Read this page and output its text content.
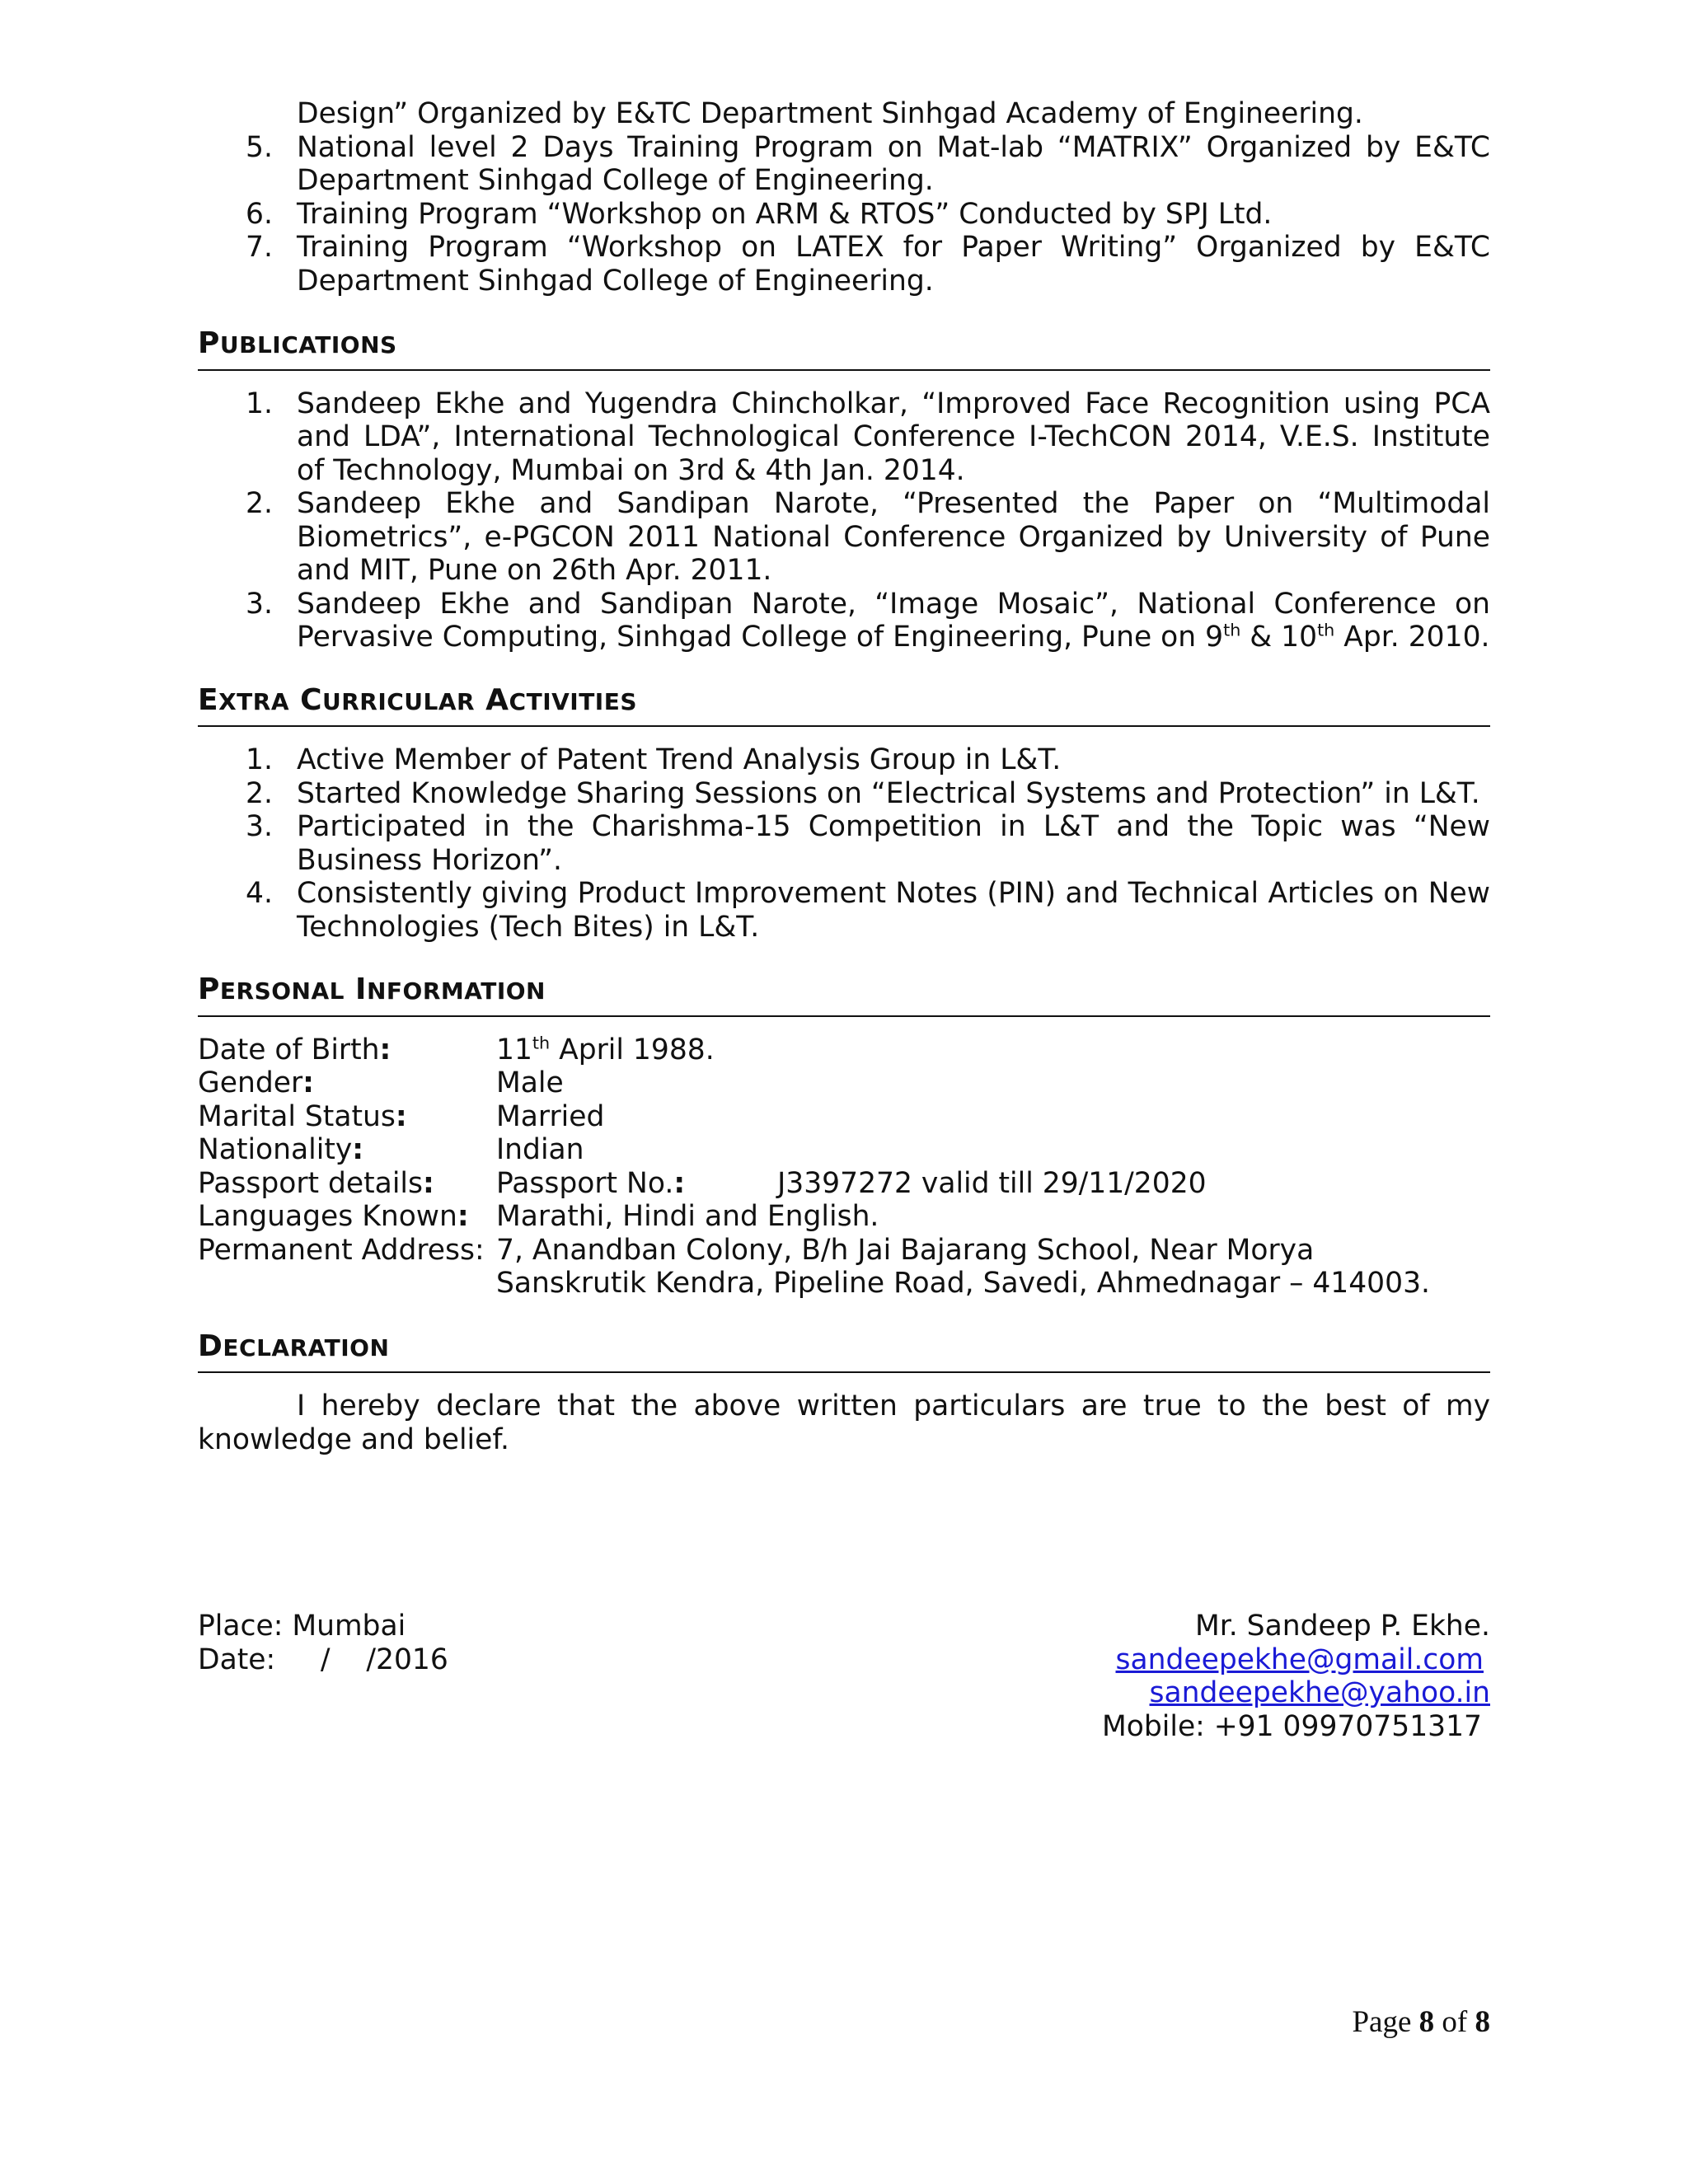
Design” Organized by E&TC Department Sinhgad Academy of Engineering.
5. National level 2 Days Training Program on Mat-lab “MATRIX” Organized by E&TC Department Sinhgad College of Engineering.
6. Training Program “Workshop on ARM & RTOS” Conducted by SPJ Ltd.
7. Training Program “Workshop on LATEX for Paper Writing” Organized by E&TC Department Sinhgad College of Engineering.
PUBLICATIONS
1. Sandeep Ekhe and Yugendra Chincholkar, “Improved Face Recognition using PCA and LDA”, International Technological Conference I-TechCON 2014, V.E.S. Institute of Technology, Mumbai on 3rd & 4th Jan. 2014.
2. Sandeep Ekhe and Sandipan Narote, “Presented the Paper on “Multimodal Biometrics”, e-PGCON 2011 National Conference Organized by University of Pune and MIT, Pune on 26th Apr. 2011.
3. Sandeep Ekhe and Sandipan Narote, “Image Mosaic”, National Conference on Pervasive Computing, Sinhgad College of Engineering, Pune on 9th & 10th Apr. 2010.
EXTRA CURRICULAR ACTIVITIES
1. Active Member of Patent Trend Analysis Group in L&T.
2. Started Knowledge Sharing Sessions on “Electrical Systems and Protection” in L&T.
3. Participated in the Charishma-15 Competition in L&T and the Topic was “New Business Horizon”.
4. Consistently giving Product Improvement Notes (PIN) and Technical Articles on New Technologies (Tech Bites) in L&T.
PERSONAL INFORMATION
Date of Birth:	11th April 1988.
Gender:	Male
Marital Status:	Married
Nationality:	Indian
Passport details:	Passport No.:	J3397272 valid till 29/11/2020
Languages Known: Marathi, Hindi and English.
Permanent Address: 7, Anandban Colony, B/h Jai Bajarang School, Near Morya Sanskrutik Kendra, Pipeline Road, Savedi, Ahmednagar – 414003.
DECLARATION
I hereby declare that the above written particulars are true to the best of my knowledge and belief.
Place: Mumbai
Date:     /    /2016
Mr. Sandeep P. Ekhe.
sandeepekhe@gmail.com
sandeepekhe@yahoo.in
Mobile: +91 09970751317
Page 8 of 8
